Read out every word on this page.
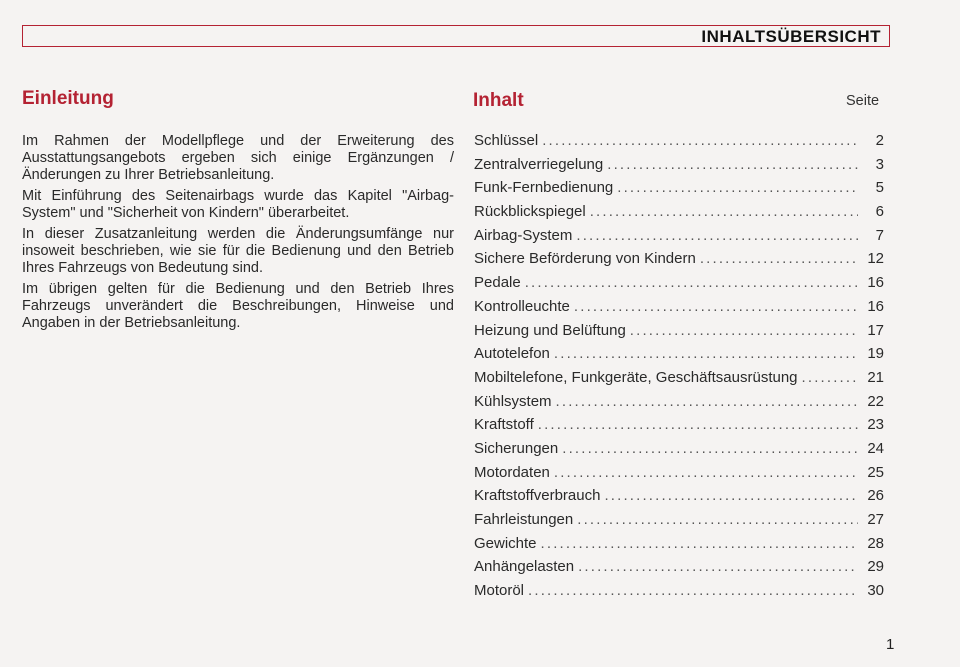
INHALTSÜBERSICHT
Einleitung

Im Rahmen der Modellpflege und der Erweiterung des Ausstattungsangebots ergeben sich einige Ergänzungen / Änderungen zu Ihrer Betriebsanleitung.

Mit Einführung des Seitenairbags wurde das Kapitel "Airbag-System" und "Sicherheit von Kindern" überarbeitet.

In dieser Zusatzanleitung werden die Änderungsumfänge nur insoweit beschrieben, wie sie für die Bedienung und den Betrieb Ihres Fahrzeugs von Bedeutung sind.

Im übrigen gelten für die Bedienung und den Betrieb Ihres Fahrzeugs unverändert die Beschreibungen, Hinweise und Angaben in der Betriebsanleitung.

Inhalt	Seite
Schlüssel . . .	2
Zentralverriegelung . . .	3
Funk-Fernbedienung . . .	5
Rückblickspiegel . . .	6
Airbag-System . . .	7
Sichere Beförderung von Kindern . . .	12
Pedale . . .	16
Kontrolleuchte . . .	16
Heizung und Belüftung . . .	17
Autotelefon . . .	19
Mobiltelefone, Funkgeräte, Geschäftsausrüstung . . .	21
Kühlsystem . . .	22
Kraftstoff . . .	23
Sicherungen . . .	24
Motordaten . . .	25
Kraftstoffverbrauch . . .	26
Fahrleistungen . . .	27
Gewichte . . .	28
Anhängelasten . . .	29
Motoröl . . .	30
1
